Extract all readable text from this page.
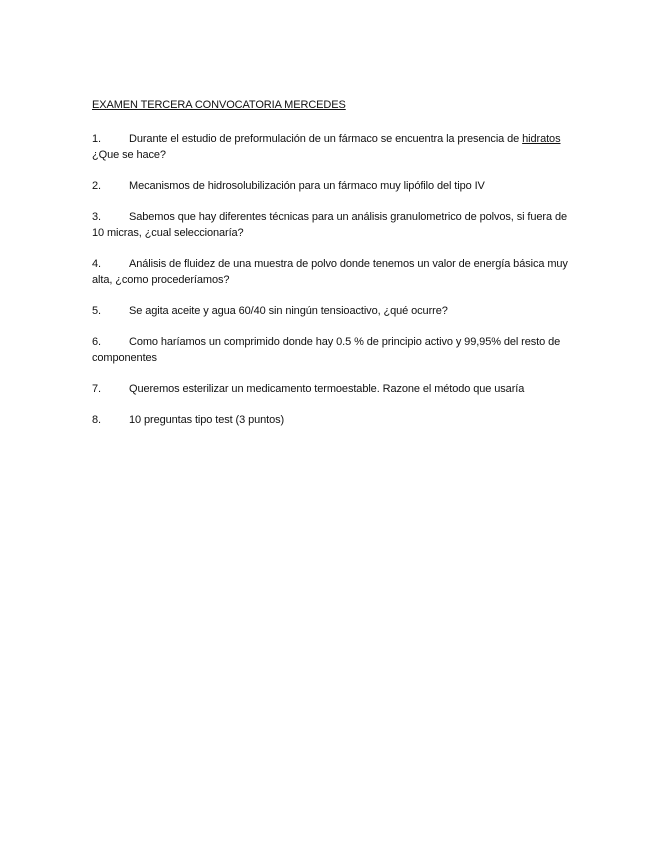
EXAMEN TERCERA CONVOCATORIA MERCEDES

1.	Durante el estudio de preformulación de un fármaco se encuentra la presencia de hidratos ¿Que se hace?

2.	Mecanismos de hidrosolubilización para un fármaco muy lipófilo del tipo IV

3.	Sabemos que hay diferentes técnicas para un análisis granulometrico de polvos, si fuera de 10 micras, ¿cual seleccionaría?

4.	Análisis de fluidez de una muestra de polvo donde tenemos un valor de energía básica muy alta, ¿como procederíamos?

5.	Se agita aceite y agua 60/40 sin ningún tensioactivo, ¿qué ocurre?

6.	Como haríamos un comprimido donde hay 0.5 % de principio activo y 99,95% del resto de componentes

7.	Queremos esterilizar un medicamento termoestable. Razone el método que usaría

8.	10 preguntas tipo test (3 puntos)
